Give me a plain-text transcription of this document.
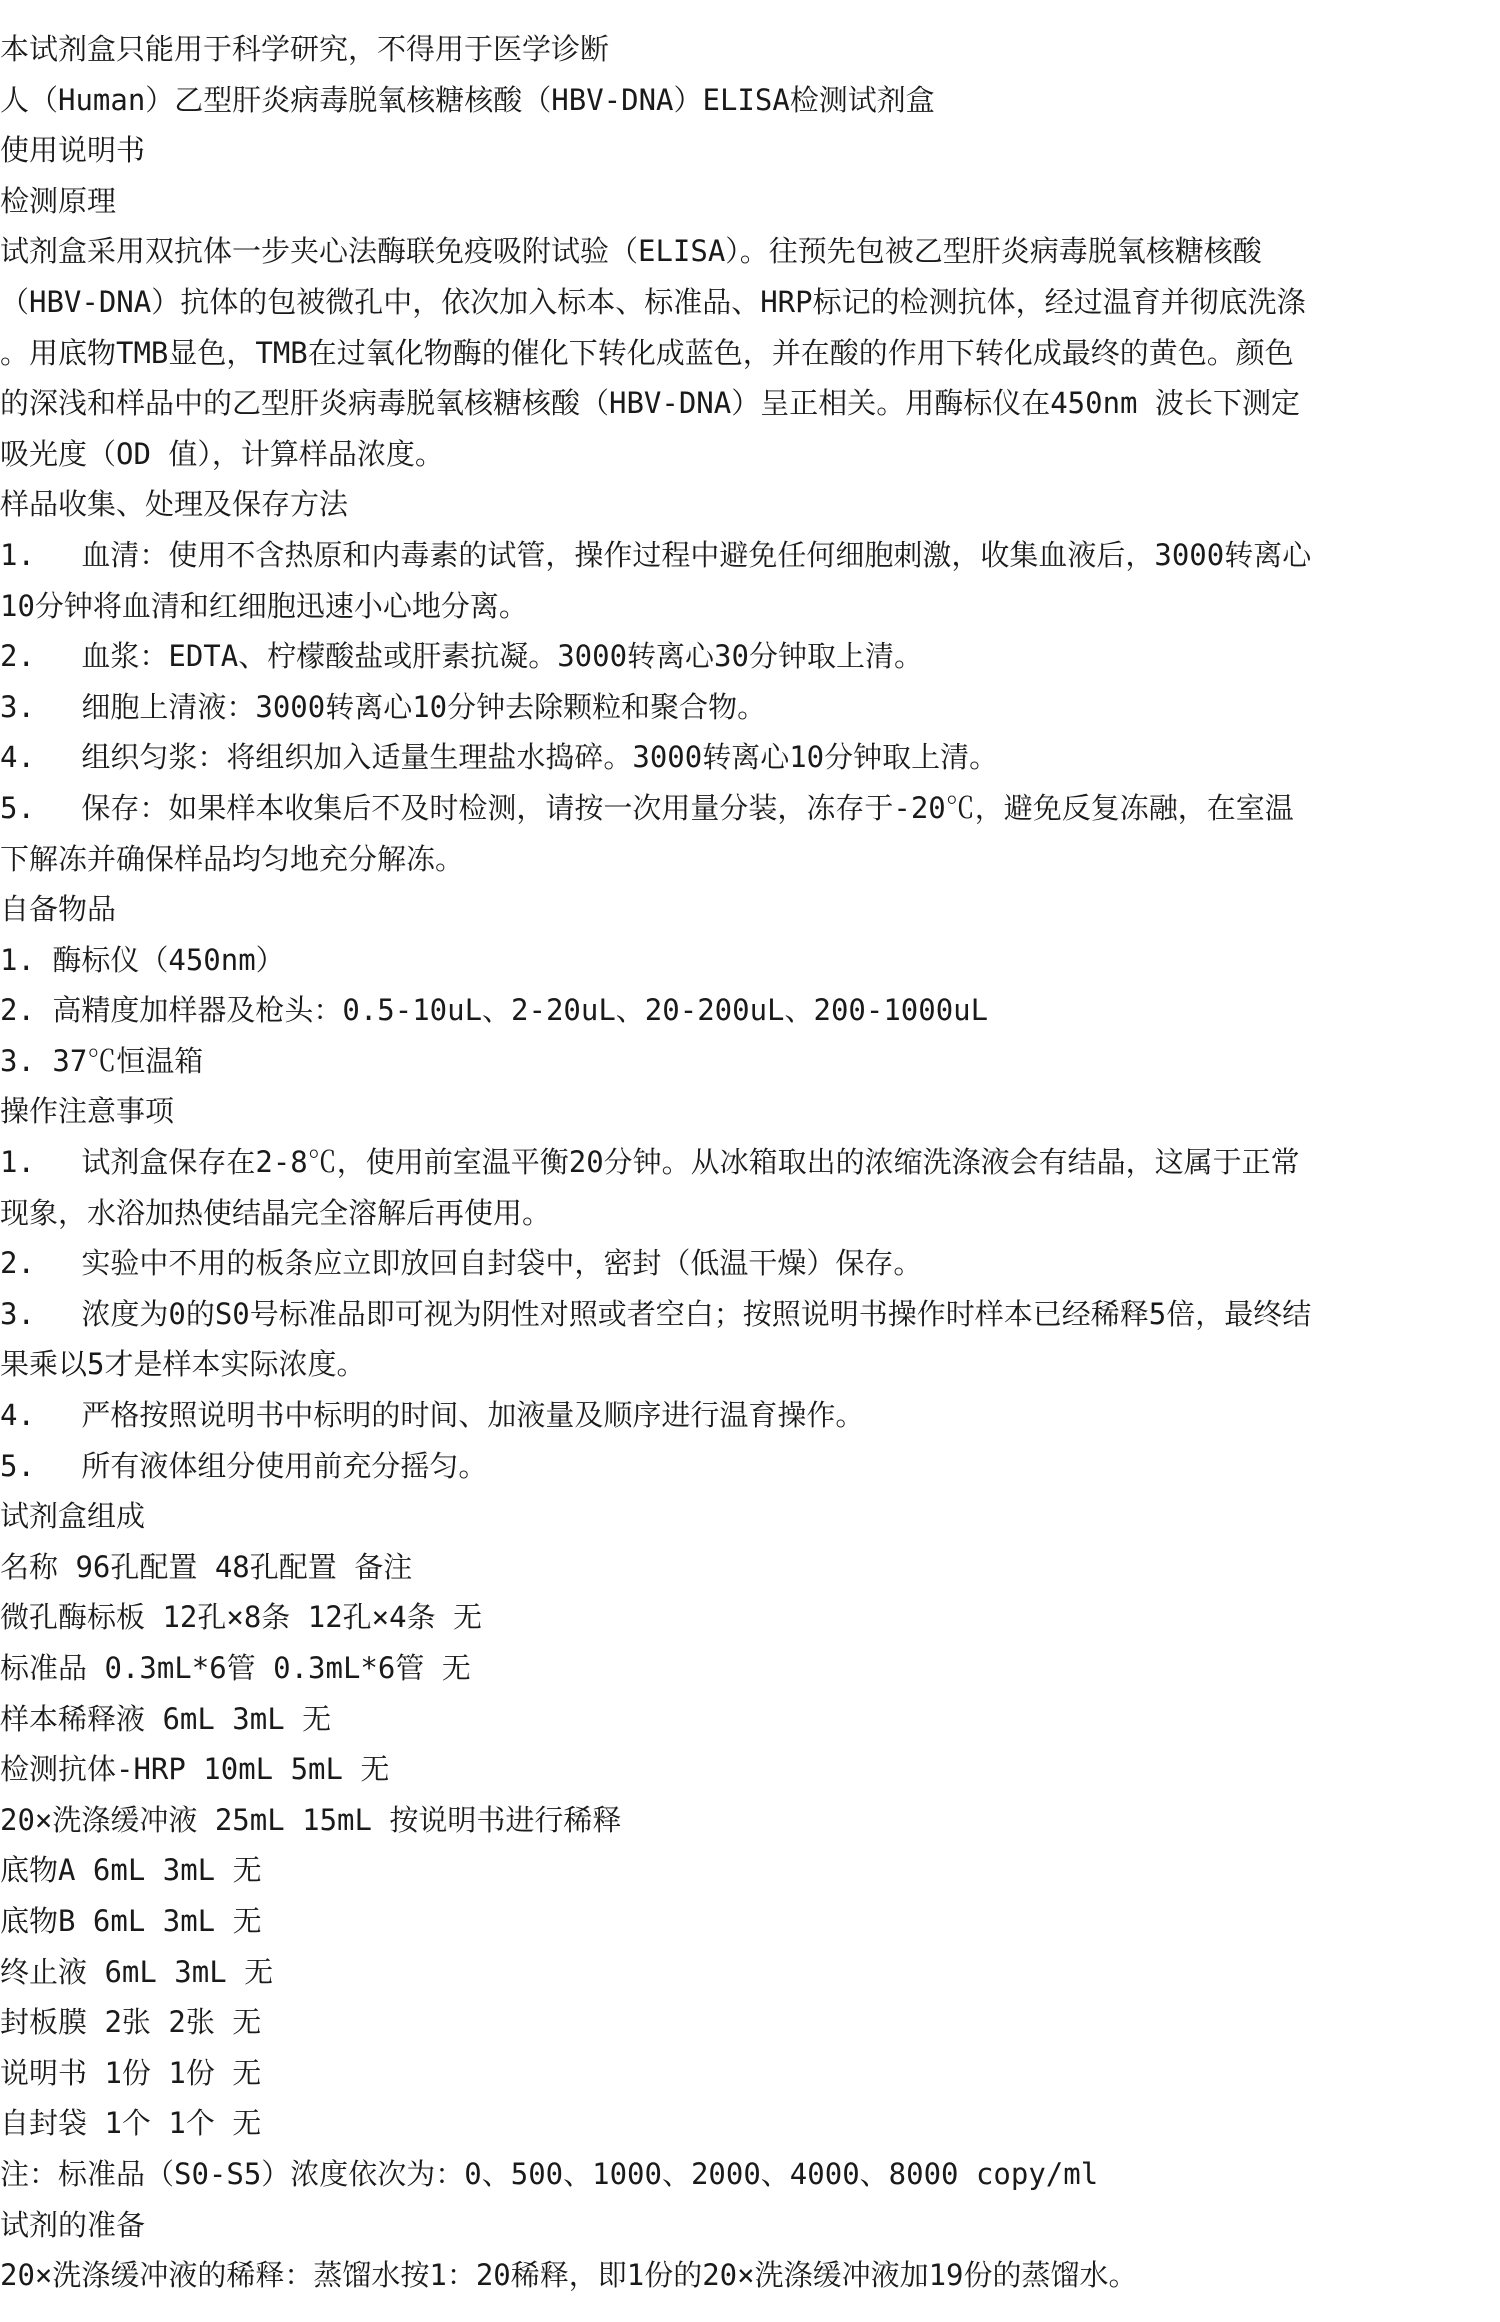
本试剂盒只能用于科学研究，不得用于医学诊断
人（Human）乙型肝炎病毒脱氧核糖核酸（HBV-DNA）ELISA检测试剂盒
使用说明书
检测原理
试剂盒采用双抗体一步夹心法酶联免疫吸附试验（ELISA）。往预先包被乙型肝炎病毒脱氧核糖核酸
（HBV-DNA）抗体的包被微孔中，依次加入标本、标准品、HRP标记的检测抗体，经过温育并彻底洗涤
。用底物TMB显色，TMB在过氧化物酶的催化下转化成蓝色，并在酸的作用下转化成最终的黄色。颜色
的深浅和样品中的乙型肝炎病毒脱氧核糖核酸（HBV-DNA）呈正相关。用酶标仪在450nm 波长下测定
吸光度（OD 值），计算样品浓度。
样品收集、处理及保存方法
1.　 血清：使用不含热原和内毒素的试管，操作过程中避免任何细胞刺激，收集血液后，3000转离心
10分钟将血清和红细胞迅速小心地分离。
2.　 血浆：EDTA、柠檬酸盐或肝素抗凝。3000转离心30分钟取上清。
3.　 细胞上清液：3000转离心10分钟去除颗粒和聚合物。
4.　 组织匀浆：将组织加入适量生理盐水捣碎。3000转离心10分钟取上清。
5.　 保存：如果样本收集后不及时检测，请按一次用量分装，冻存于-20℃，避免反复冻融，在室温
下解冻并确保样品均匀地充分解冻。
自备物品
1. 酶标仪（450nm）
2. 高精度加样器及枪头：0.5-10uL、2-20uL、20-200uL、200-1000uL
3. 37℃恒温箱
操作注意事项
1.　 试剂盒保存在2-8℃，使用前室温平衡20分钟。从冰箱取出的浓缩洗涤液会有结晶，这属于正常
现象，水浴加热使结晶完全溶解后再使用。
2.　 实验中不用的板条应立即放回自封袋中，密封（低温干燥）保存。
3.　 浓度为0的S0号标准品即可视为阴性对照或者空白；按照说明书操作时样本已经稀释5倍，最终结
果乘以5才是样本实际浓度。
4.　 严格按照说明书中标明的时间、加液量及顺序进行温育操作。
5.　 所有液体组分使用前充分摇匀。
试剂盒组成
名称 96孔配置 48孔配置 备注
微孔酶标板 12孔×8条 12孔×4条 无
标准品 0.3mL*6管 0.3mL*6管 无
样本稀释液 6mL 3mL 无
检测抗体-HRP 10mL 5mL 无
20×洗涤缓冲液 25mL 15mL 按说明书进行稀释
底物A 6mL 3mL 无
底物B 6mL 3mL 无
终止液 6mL 3mL 无
封板膜 2张 2张 无
说明书 1份 1份 无
自封袋 1个 1个 无
注：标准品（S0-S5）浓度依次为：0、500、1000、2000、4000、8000 copy/ml
试剂的准备
20×洗涤缓冲液的稀释：蒸馏水按1：20稀释，即1份的20×洗涤缓冲液加19份的蒸馏水。
